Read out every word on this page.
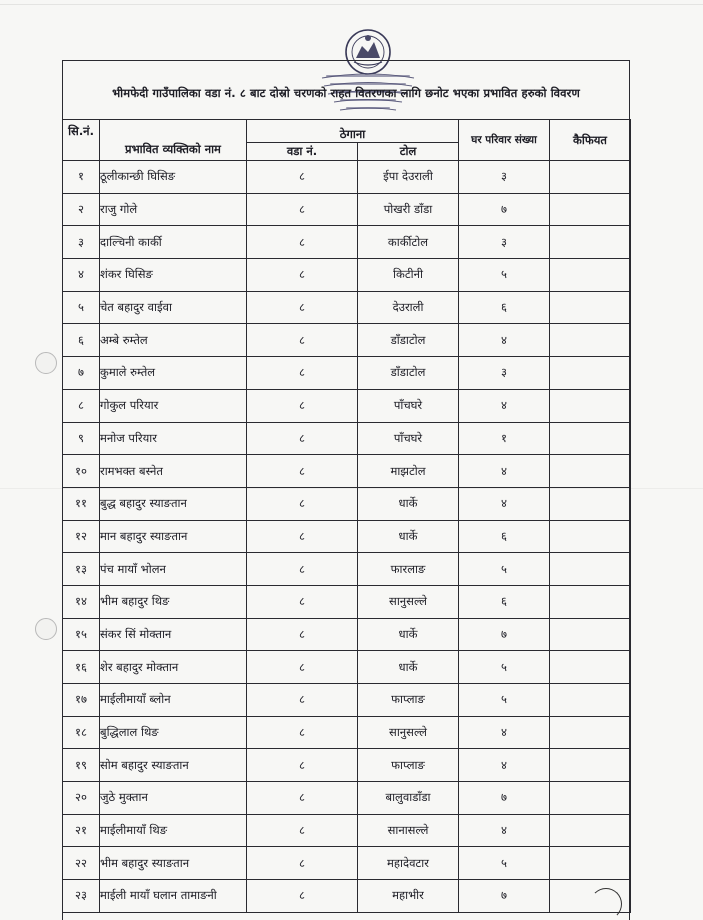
भीमफेदी गाउँपालिका वडा नं. ८ बाट दोस्रो चरणको राहत वितरणका लागि छनोट भएका प्रभावित हरुको विवरण
सि.नं.	प्रभावित व्यक्तिको नाम	ठेगाना		घर परिवार संख्या	कैफियत
		वडा नं.	टोल		
१	ठूलीकान्छी घिसिङ	८	ईपा देउराली	३	
२	राजु गोले	८	पोखरी डाँडा	७	
३	दाल्चिनी कार्की	८	कार्कीटोल	३	
४	शंकर घिसिङ	८	किटीनी	५	
५	चेत बहादुर वाईवा	८	देउराली	६	
६	अम्बे रुम्तेल	८	डाँडाटोल	४	
७	कुमाले रुम्तेल	८	डाँडाटोल	३	
८	गोकुल परियार	८	पाँचघरे	४	
९	मनोज परियार	८	पाँचघरे	१	
१०	रामभक्त बस्नेत	८	माझटोल	४	
११	बुद्ध बहादुर स्याङतान	८	धार्के	४	
१२	मान बहादुर स्याङतान	८	धार्के	६	
१३	पंच मायाँ भोलन	८	फारलाङ	५	
१४	भीम बहादुर थिङ	८	सानुसल्ले	६	
१५	संकर सिं मोक्तान	८	धार्के	७	
१६	शेर बहादुर मोक्तान	८	धार्के	५	
१७	माईलीमायाँ ब्लोन	८	फाप्लाङ	५	
१८	बुद्धिलाल थिङ	८	सानुसल्ले	४	
१९	सोम बहादुर स्याङतान	८	फाप्लाङ	४	
२०	जुठे मुक्तान	८	बालुवाडाँडा	७	
२१	माईलीमायाँ थिङ	८	सानासल्ले	४	
२२	भीम बहादुर स्याङतान	८	महादेवटार	५	
२३	माईली मायाँ घलान तामाङनी	८	महाभीर	७	
